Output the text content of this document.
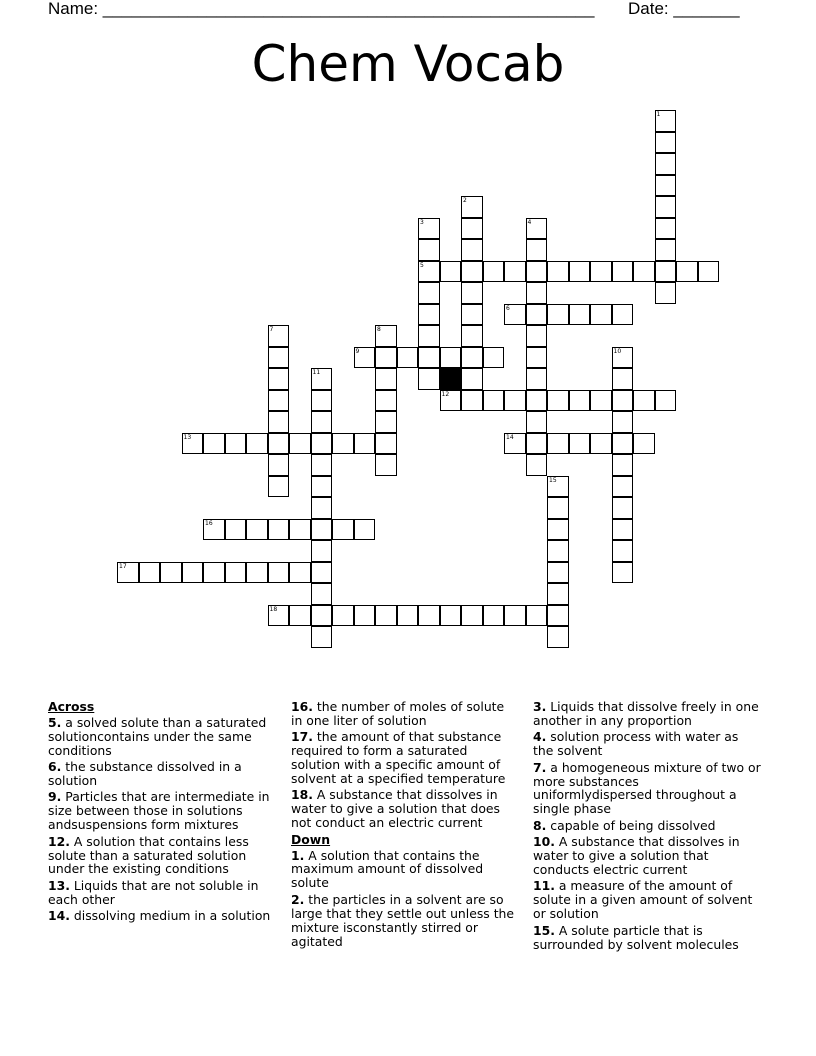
Name: ____________________________________________________ Date: _______
Chem Vocab
1
2
3
5
4
6
7	8
9	10
11
12
13	14
15
16
17
18
Across
5. a solved solute than a saturated solutioncontains under the same conditions
6. the substance dissolved in a solution
9. Particles that are intermediate in size between those in solutions andsuspensions form mixtures
12. A solution that contains less solute than a saturated solution under the existing conditions
13. Liquids that are not soluble in each other
14. dissolving medium in a solution
16. the number of moles of solute in one liter of solution
17. the amount of that substance required to form a saturated solution with a specific amount of solvent at a specified temperature
18. A substance that dissolves in water to give a solution that does not conduct an electric current
Down
1. A solution that contains the maximum amount of dissolved solute
2. the particles in a solvent are so large that they settle out unless the mixture isconstantly stirred or agitated
3. Liquids that dissolve freely in one another in any proportion
4. solution process with water as the solvent
7. a homogeneous mixture of two or more substances uniformlydispersed throughout a single phase
8. capable of being dissolved
10. A substance that dissolves in water to give a solution that conducts electric current
11. a measure of the amount of solute in a given amount of solvent or solution
15. A solute particle that is surrounded by solvent molecules
